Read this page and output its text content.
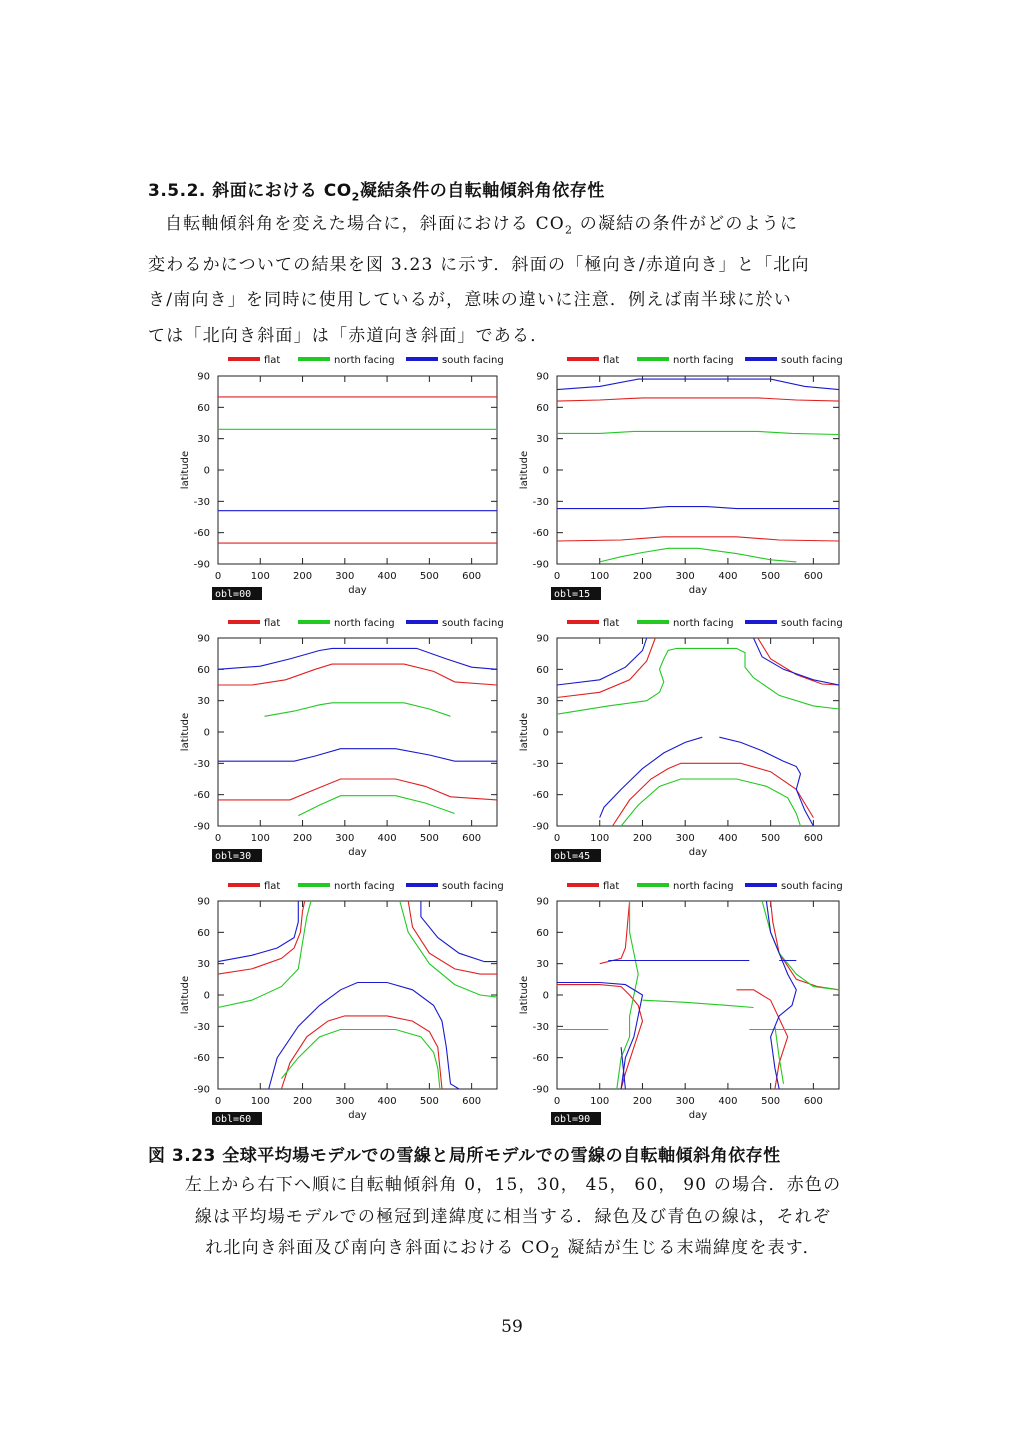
3.5.2. 斜面における $CO_2$凝結条件の自転軸傾斜角依存性

自転軸傾斜角を変えた場合に，斜面における $CO_2$ の凝結の条件がどのように

変わるかについての結果を図 3.23 に示す．斜面の「極向き/赤道向き」と「北向

き/南向き」を同時に使用しているが，意味の違いに注意．例えば南半球に於い

ては「北向き斜面」は「赤道向き斜面」である．

flat	north facing	south facing
90
60
30
0
-30
-60
-90
0	100 200 300 400 500 600
day
latitude
obl=00
flat	north facing	south facing
90
60
30
0
-30
-60
-90
0	100 200 300 400 500 600
day
latitude
obl=15
flat	north facing	south facing
90
60
30
0
-30
-60
-90
0	100 200 300 400 500 600
day
latitude
obl=30
flat	north facing	south facing
90
60
30
0
-30
-60
-90
0	100 200 300 400 500 600
day
latitude
obl=45
flat	north facing	south facing
90
60
30
0
-30
-60
-90
0	100 200 300 400 500 600
day
latitude
obl=60
flat	north facing	south facing
90
60
30
0
-30
-60
-90
0	100 200 300 400 500 600
day
latitude
obl=90
図 3.23 全球平均場モデルでの雪線と局所モデルでの雪線の自転軸傾斜角依存性

左上から右下へ順に自転軸傾斜角 0，15，30， 45， 60， 90 の場合．赤色の

線は平均場モデルでの極冠到達緯度に相当する．緑色及び青色の線は，それぞ

れ北向き斜面及び南向き斜面における $CO_2$ 凝結が生じる末端緯度を表す．

59
